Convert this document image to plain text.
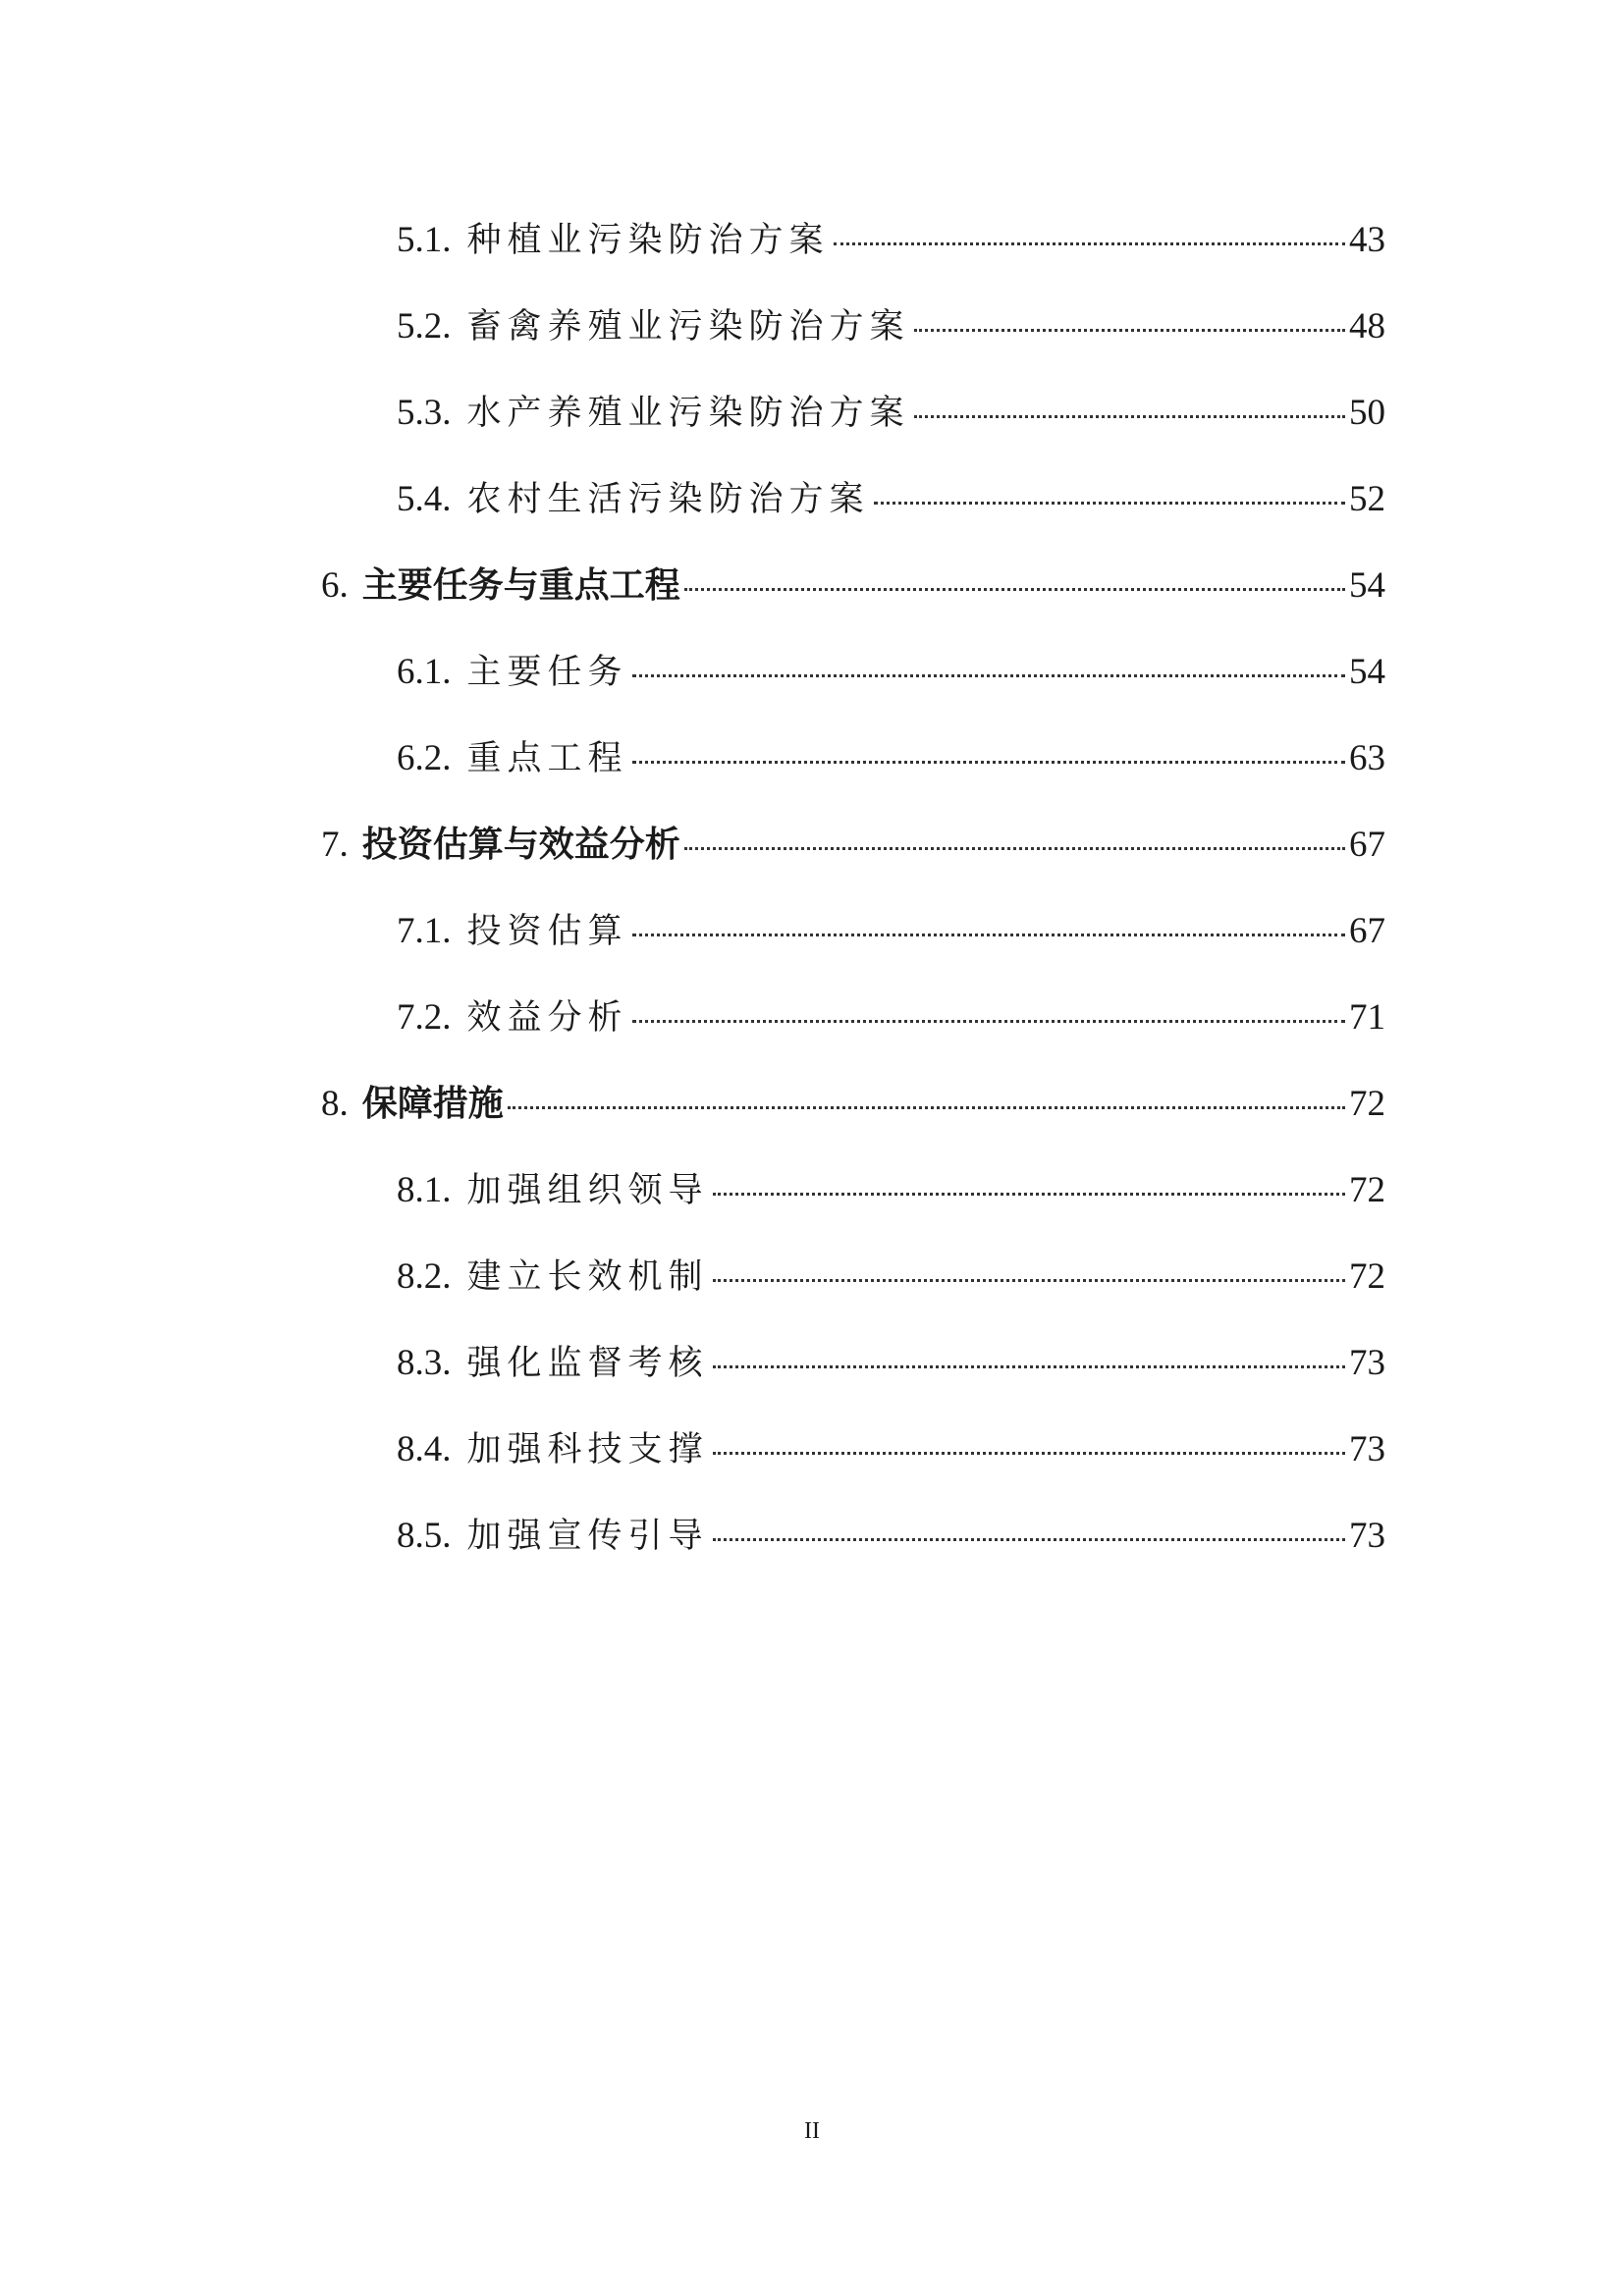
5.1. 种植业污染防治方案	43
5.2. 畜禽养殖业污染防治方案	48
5.3. 水产养殖业污染防治方案	50
5.4. 农村生活污染防治方案	52
6. 主要任务与重点工程	54
6.1. 主要任务	54
6.2. 重点工程	63
7. 投资估算与效益分析	67
7.1. 投资估算	67
7.2. 效益分析	71
8. 保障措施	72
8.1. 加强组织领导	72
8.2. 建立长效机制	72
8.3. 强化监督考核	73
8.4. 加强科技支撑	73
8.5. 加强宣传引导	73
II
